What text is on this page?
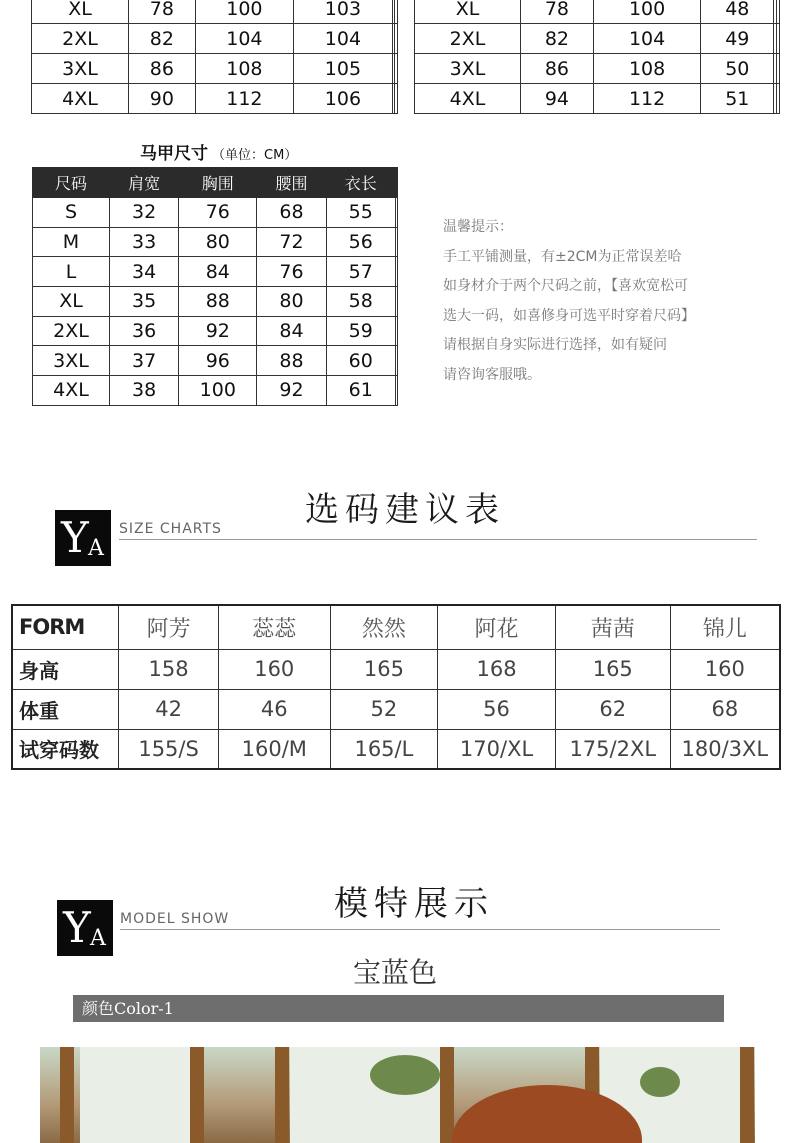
XL	78	100	103		
2XL	82	104	104		
3XL	86	108	105		
4XL	90	112	106		
XL	78	100	48		
2XL	82	104	49		
3XL	86	108	50		
4XL	94	112	51		
马甲尺寸 （单位：CM）
尺码	肩宽	胸围	腰围	衣长	
S	32	76	68	55	
M	33	80	72	56	
L	34	84	76	57	
XL	35	88	80	58	
2XL	36	92	84	59	
3XL	37	96	88	60	
4XL	38	100	92	61	
温馨提示：
手工平铺测量，有±2CM为正常误差哈
如身材介于两个尺码之前，【喜欢宽松可
选大一码，如喜修身可选平时穿着尺码】
请根据自身实际进行选择，如有疑问
请咨询客服哦。
选码建议表
Y A
SIZE CHARTS
FORM	阿芳	蕊蕊	然然	阿花	茜茜	锦儿
身高	158	160	165	168	165	160
体重	42	46	52	56	62	68
试穿码数	155/S	160/M	165/L	170/XL	175/2XL	180/3XL
模特展示
Y A
MODEL SHOW
宝蓝色
颜色Color-1
